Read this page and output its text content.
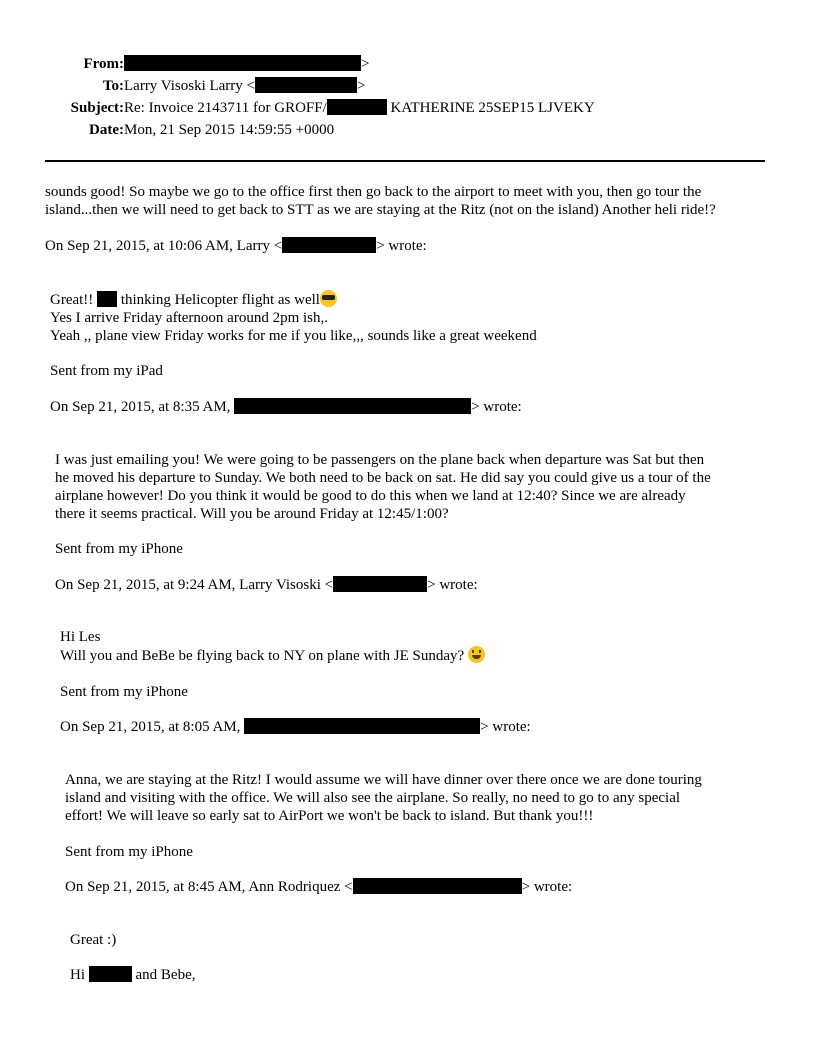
From:	>
To: Larry Visoski Larry <	>
Subject: Re: Invoice 2143711 for GROFF/	KATHERINE 25SEP15 LJVEKY
Date: Mon, 21 Sep 2015 14:59:55 +0000
sounds good! So maybe we go to the office first then go back to the airport to meet with you, then go tour the
island...then we will need to get back to STT as we are staying at the Ritz (not on the island) Another heli ride!?
On Sep 21, 2015, at 10:06 AM, Larry <	> wrote:
Great!! thinking Helicopter flight as well
Yes I arrive Friday afternoon around 2pm ish,.
Yeah ,, plane view Friday works for me if you like,,, sounds like a great weekend
Sent from my iPad
On Sep 21, 2015, at 8:35 AM,	> wrote:
I was just emailing you! We were going to be passengers on the plane back when departure was Sat but then
he moved his departure to Sunday. We both need to be back on sat. He did say you could give us a tour of the
airplane however! Do you think it would be good to do this when we land at 12:40? Since we are already
there it seems practical. Will you be around Friday at 12:45/1:00?
Sent from my iPhone
On Sep 21, 2015, at 9:24 AM, Larry Visoski <	> wrote:
Hi Les
Will you and BeBe be flying back to NY on plane with JE Sunday?
Sent from my iPhone
On Sep 21, 2015, at 8:05 AM,	> wrote:
Anna, we are staying at the Ritz! I would assume we will have dinner over there once we are done touring
island and visiting with the office. We will also see the airplane. So really, no need to go to any special
effort! We will leave so early sat to AirPort we won't be back to island. But thank you!!!
Sent from my iPhone
On Sep 21, 2015, at 8:45 AM, Ann Rodriquez <	> wrote:
Great :)
Hi	and Bebe,
